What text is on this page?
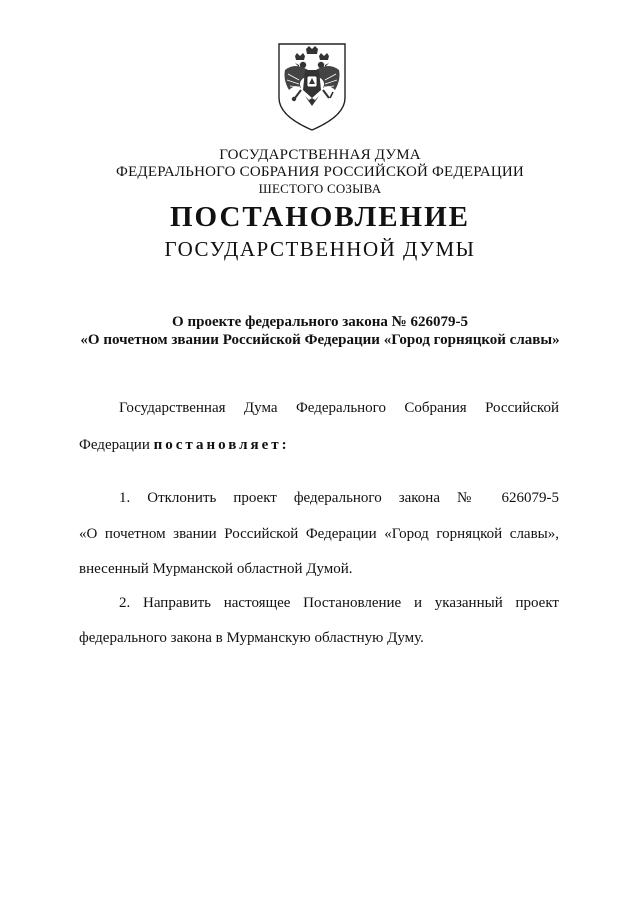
ГОСУДАРСТВЕННАЯ ДУМА
ФЕДЕРАЛЬНОГО СОБРАНИЯ РОССИЙСКОЙ ФЕДЕРАЦИИ
ШЕСТОГО СОЗЫВА
ПОСТАНОВЛЕНИЕ
ГОСУДАРСТВЕННОЙ ДУМЫ
О проекте федерального закона № 626079-5
«О почетном звании Российской Федерации «Город горняцкой славы»
Государственная Дума Федерального Собрания Российской
Федерации постановляет:
1. Отклонить проект федерального закона № 626079-5
«О почетном звании Российской Федерации «Город горняцкой славы»,
внесенный Мурманской областной Думой.
2. Направить настоящее Постановление и указанный проект
федерального закона в Мурманскую областную Думу.
